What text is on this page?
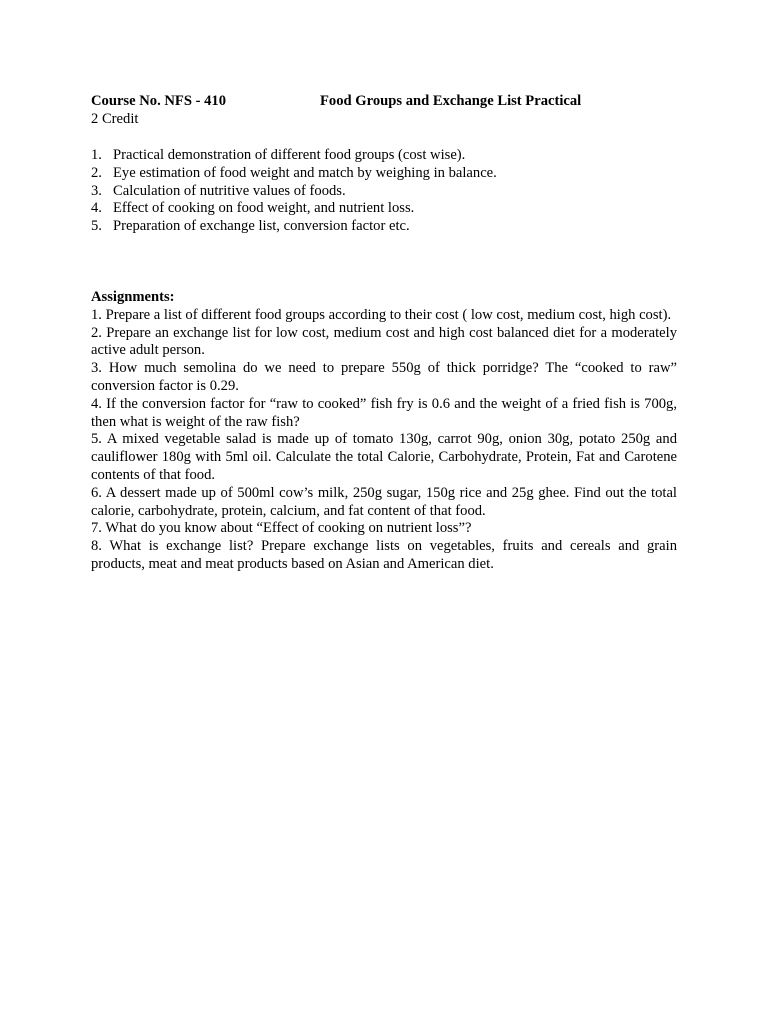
Course No. NFS - 410	Food Groups and Exchange List Practical
2 Credit
1. Practical demonstration of different food groups (cost wise).
2. Eye estimation of food weight and match by weighing in balance.
3. Calculation of nutritive values of foods.
4. Effect of cooking on food weight, and nutrient loss.
5. Preparation of exchange list, conversion factor etc.
Assignments:
1. Prepare a list of different food groups according to their cost ( low cost, medium cost, high cost).
2. Prepare an exchange list for low cost, medium cost and high cost balanced diet for a moderately active adult person.
3. How much semolina do we need to prepare 550g of thick porridge? The “cooked to raw” conversion factor is 0.29.
4. If the conversion factor for “raw to cooked” fish fry is 0.6 and the weight of a fried fish is 700g, then what is weight of the raw fish?
5. A mixed vegetable salad is made up of tomato 130g, carrot 90g, onion 30g, potato 250g and cauliflower 180g with 5ml oil. Calculate the total Calorie, Carbohydrate, Protein, Fat and Carotene contents of that food.
6. A dessert made up of 500ml cow’s milk, 250g sugar, 150g rice and 25g ghee. Find out the total calorie, carbohydrate, protein, calcium, and fat content of that food.
7. What do you know about “Effect of cooking on nutrient loss”?
8. What is exchange list? Prepare exchange lists on vegetables, fruits and cereals and grain products, meat and meat products based on Asian and American diet.
